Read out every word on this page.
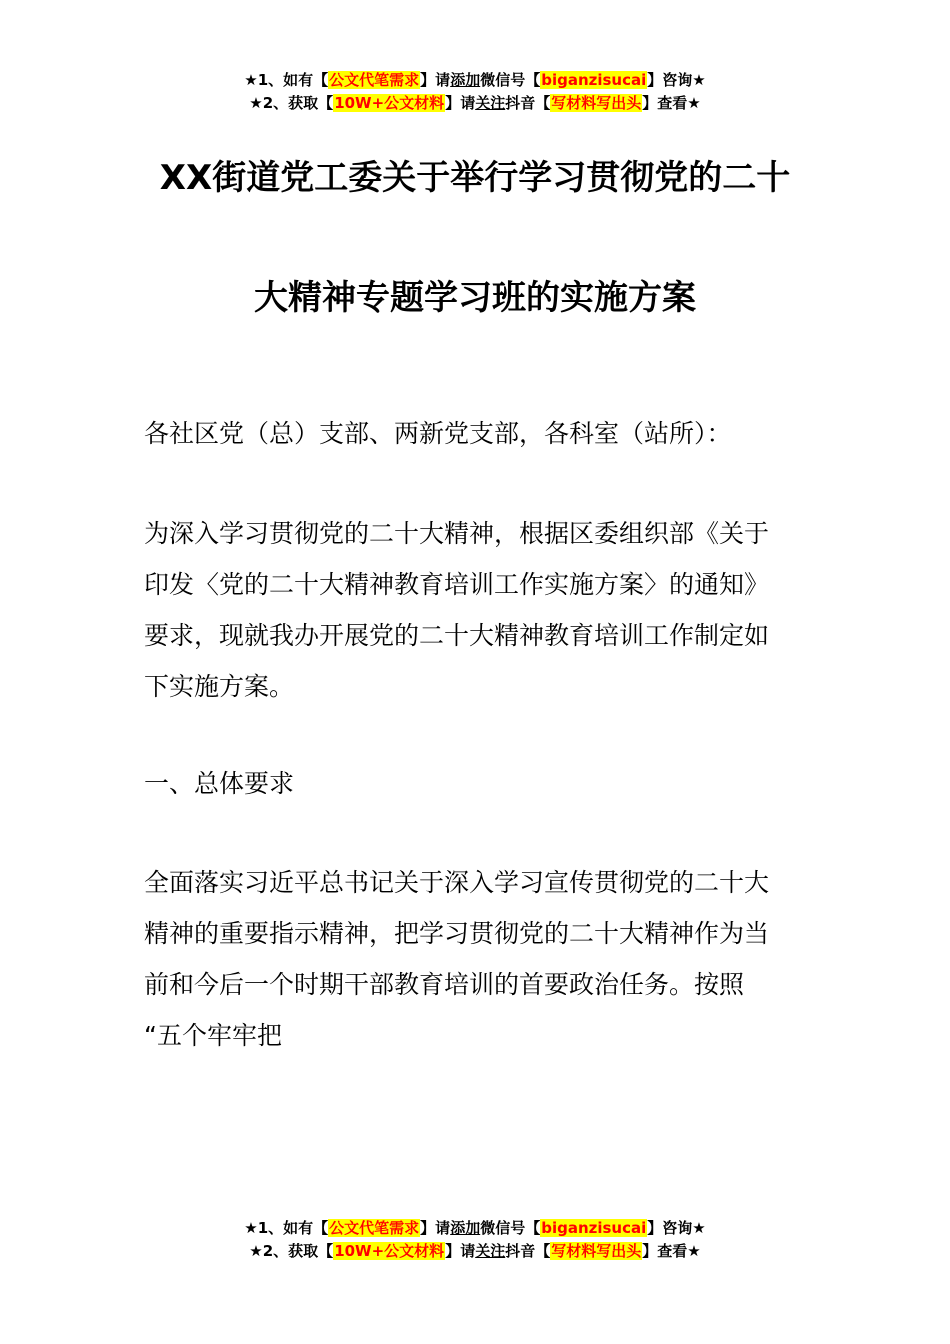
★1、如有【公文代笔需求】请添加微信号【biganzisucai】咨询★
★2、获取【10W+公文材料】请关注抖音【写材料写出头】查看★
XX街道党工委关于举行学习贯彻党的二十
大精神专题学习班的实施方案

各社区党（总）支部、两新党支部，各科室（站所）：

为深入学习贯彻党的二十大精神，根据区委组织部《关于
印发〈党的二十大精神教育培训工作实施方案〉的通知》
要求，现就我办开展党的二十大精神教育培训工作制定如
下实施方案。

一、总体要求

全面落实习近平总书记关于深入学习宣传贯彻党的二十大
精神的重要指示精神，把学习贯彻党的二十大精神作为当
前和今后一个时期干部教育培训的首要政治任务。按照
“五个牢牢把
★1、如有【公文代笔需求】请添加微信号【biganzisucai】咨询★
★2、获取【10W+公文材料】请关注抖音【写材料写出头】查看★
